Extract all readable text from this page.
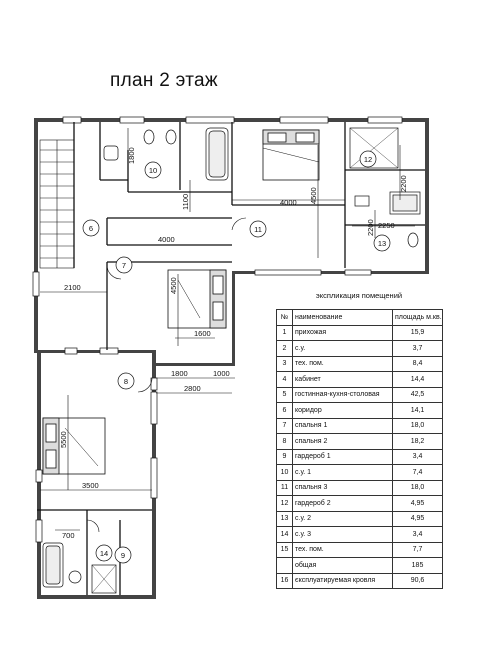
план 2 этаж
6
7
8
9
10
11
12
13
14
1800
1100	4000 4500
2200
2200 2250
4000
4500
1600
2100
1800	1000
2800
5500
3500
700
экспликация помещений
№	наименование	площадь м.кв.
1	прихожая	15,9
2	с.у.	3,7
3	тех. пом.	8,4
4	кабинет	14,4
5	гостинная-кухня-столовая	42,5
6	коридор	14,1
7	спальня 1	18,0
8	спальня 2	18,2
9	гардероб 1	3,4
10	с.у. 1	7,4
11	спальня 3	18,0
12	гардероб 2	4,95
13	с.у. 2	4,95
14	с.у. 3	3,4
15	тех. пом.	7,7
	общая	185
16	єксплуатируемая кровля	90,6
